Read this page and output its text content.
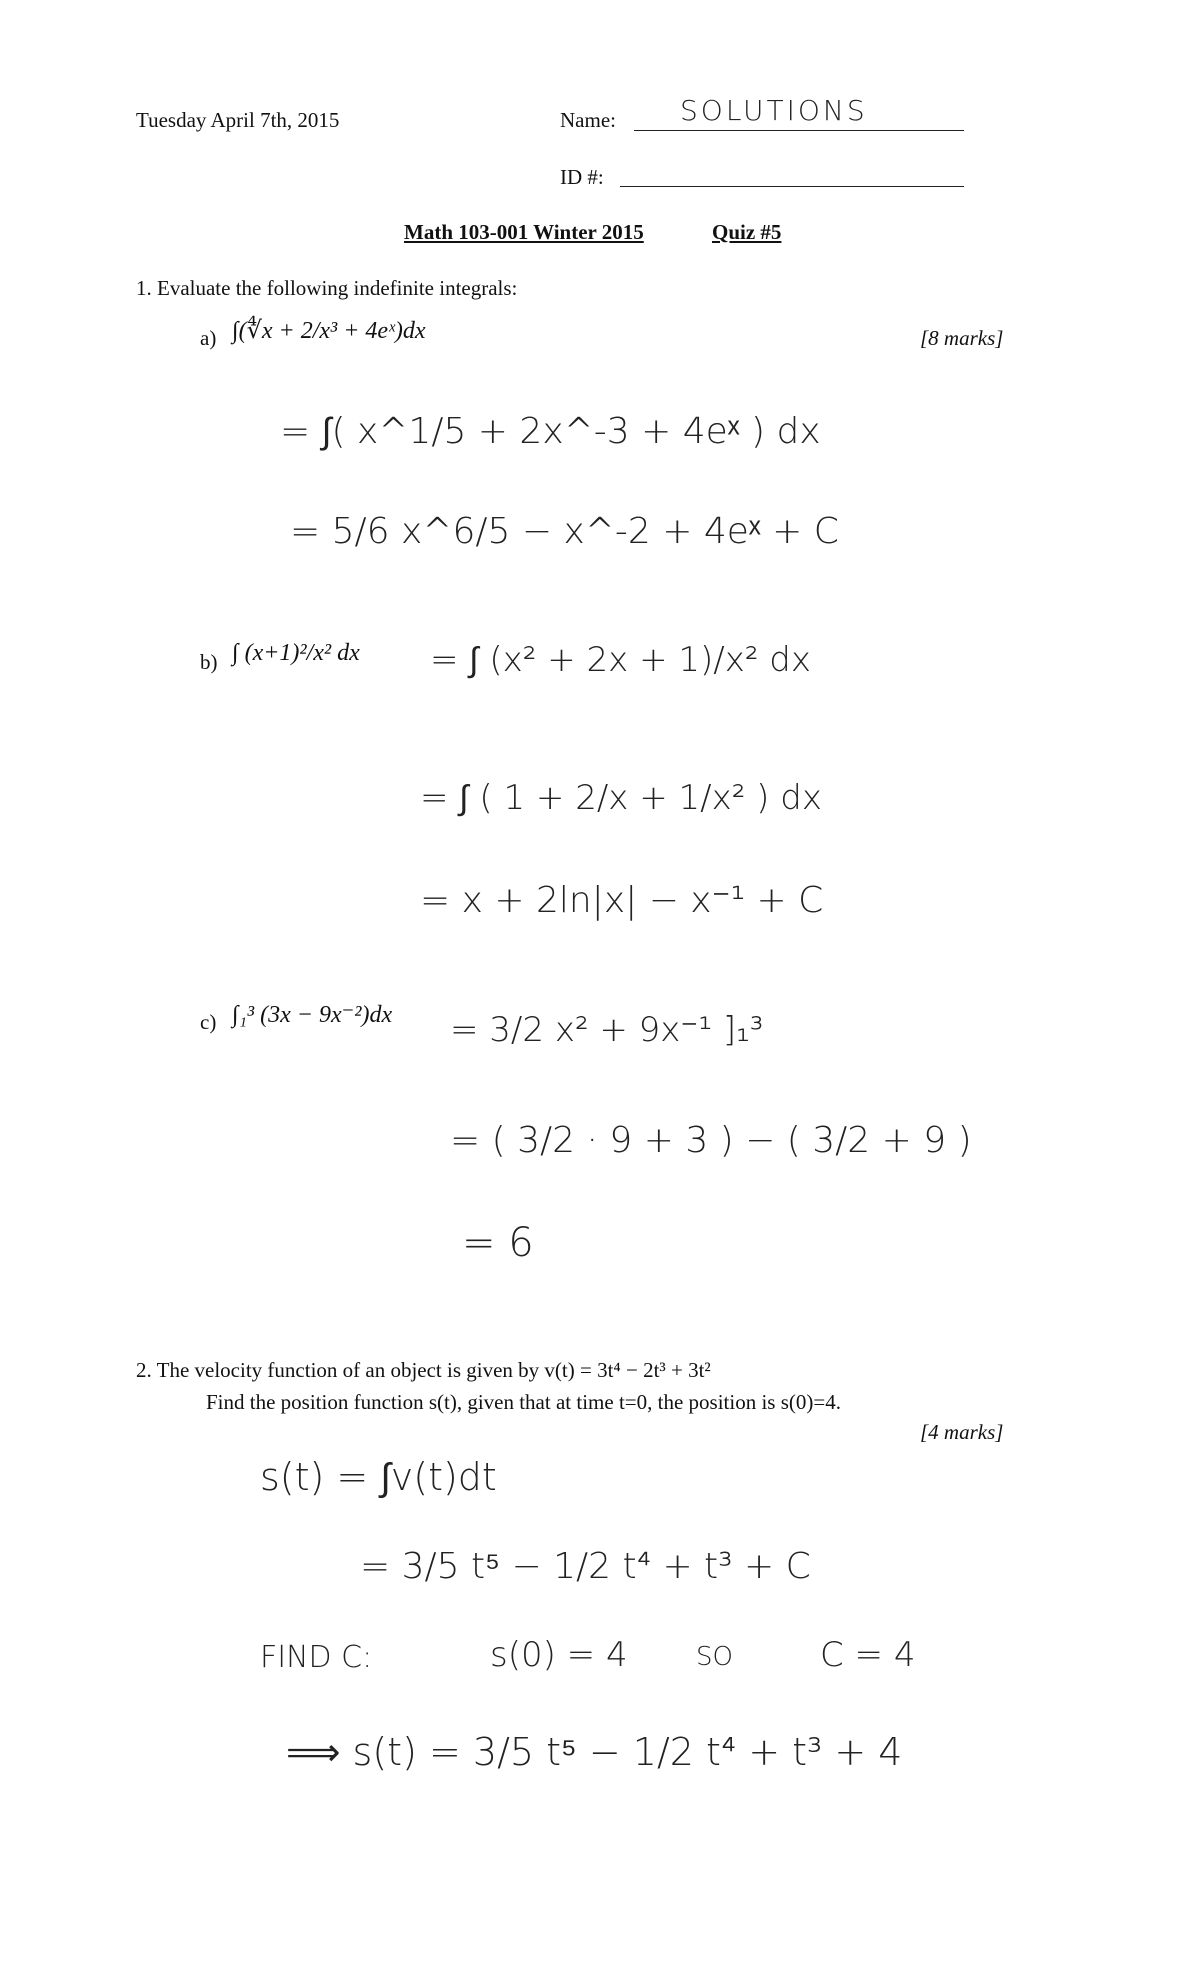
Tuesday April 7th, 2015	Name: SOLUTIONS
ID #:
Math 103-001 Winter 2015	Quiz #5
1. Evaluate the following indefinite integrals:
[8 marks]
a) ∫(∜x + 2/x³ + 4eˣ)dx
= ∫( x^1/5 + 2x^-3 + 4eˣ ) dx
= 5/6 x^6/5 − x^-2 + 4eˣ + C
b) ∫ (x+1)²/x² dx = ∫ (x² + 2x + 1)/x² dx
= ∫ ( 1 + 2/x + 1/x² ) dx
= x + 2ln|x| − x⁻¹ + C
c) ∫₁³ (3x − 9x⁻²)dx = 3/2 x² + 9x⁻¹ ]₁³
= ( 3/2 · 9 + 3 ) − ( 3/2 + 9 )
= 6
2. The velocity function of an object is given by v(t) = 3t⁴ − 2t³ + 3t²
Find the position function s(t), given that at time t=0, the position is s(0)=4.
[4 marks]
s(t) = ∫v(t)dt
= 3/5 t⁵ − 1/2 t⁴ + t³ + C
FIND C:	s(0) = 4	SO	C = 4
⟹ s(t) = 3/5 t⁵ − 1/2 t⁴ + t³ + 4
